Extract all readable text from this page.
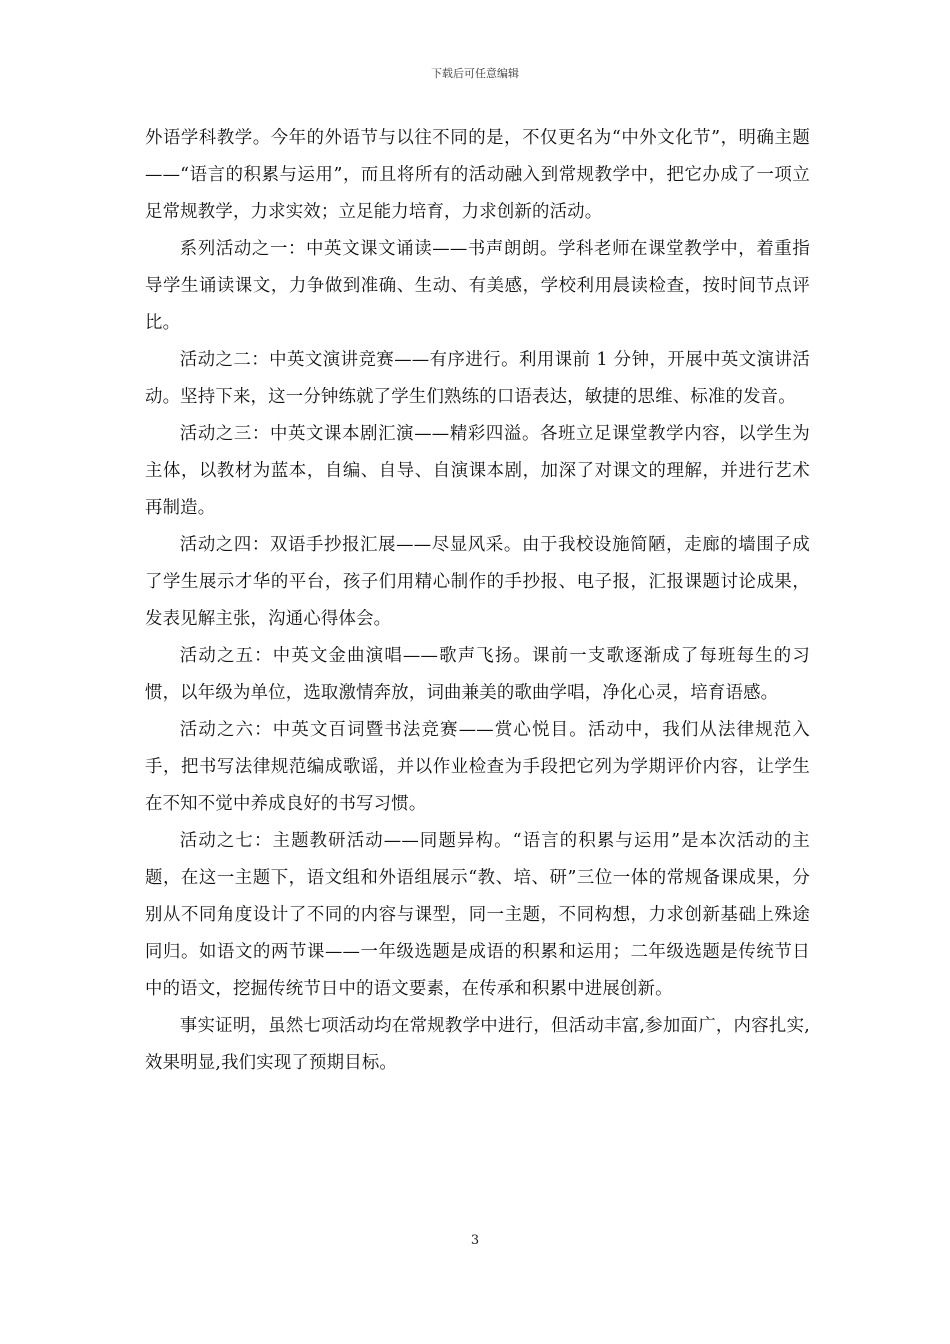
下载后可任意编辑

外语学科教学。今年的外语节与以往不同的是，不仅更名为“中外文化节”，明确主题——“语言的积累与运用”，而且将所有的活动融入到常规教学中，把它办成了一项立足常规教学，力求实效；立足能力培育，力求创新的活动。

系列活动之一：中英文课文诵读——书声朗朗。学科老师在课堂教学中，着重指导学生诵读课文，力争做到准确、生动、有美感，学校利用晨读检查，按时间节点评比。

活动之二：中英文演讲竞赛——有序进行。利用课前 1 分钟，开展中英文演讲活动。坚持下来，这一分钟练就了学生们熟练的口语表达，敏捷的思维、标准的发音。

活动之三：中英文课本剧汇演——精彩四溢。各班立足课堂教学内容，以学生为主体，以教材为蓝本，自编、自导、自演课本剧，加深了对课文的理解，并进行艺术再制造。

活动之四：双语手抄报汇展——尽显风采。由于我校设施简陋，走廊的墙围子成了学生展示才华的平台，孩子们用精心制作的手抄报、电子报，汇报课题讨论成果，发表见解主张，沟通心得体会。

活动之五：中英文金曲演唱——歌声飞扬。课前一支歌逐渐成了每班每生的习惯，以年级为单位，选取激情奔放，词曲兼美的歌曲学唱，净化心灵，培育语感。

活动之六：中英文百词暨书法竞赛——赏心悦目。活动中，我们从法律规范入手，把书写法律规范编成歌谣，并以作业检查为手段把它列为学期评价内容，让学生在不知不觉中养成良好的书写习惯。

活动之七：主题教研活动——同题异构。“语言的积累与运用”是本次活动的主题，在这一主题下，语文组和外语组展示“教、培、研”三位一体的常规备课成果，分别从不同角度设计了不同的内容与课型，同一主题，不同构想，力求创新基础上殊途同归。如语文的两节课——一年级选题是成语的积累和运用；二年级选题是传统节日中的语文，挖掘传统节日中的语文要素，在传承和积累中进展创新。

事实证明，虽然七项活动均在常规教学中进行，但活动丰富,参加面广，内容扎实,效果明显,我们实现了预期目标。

3
